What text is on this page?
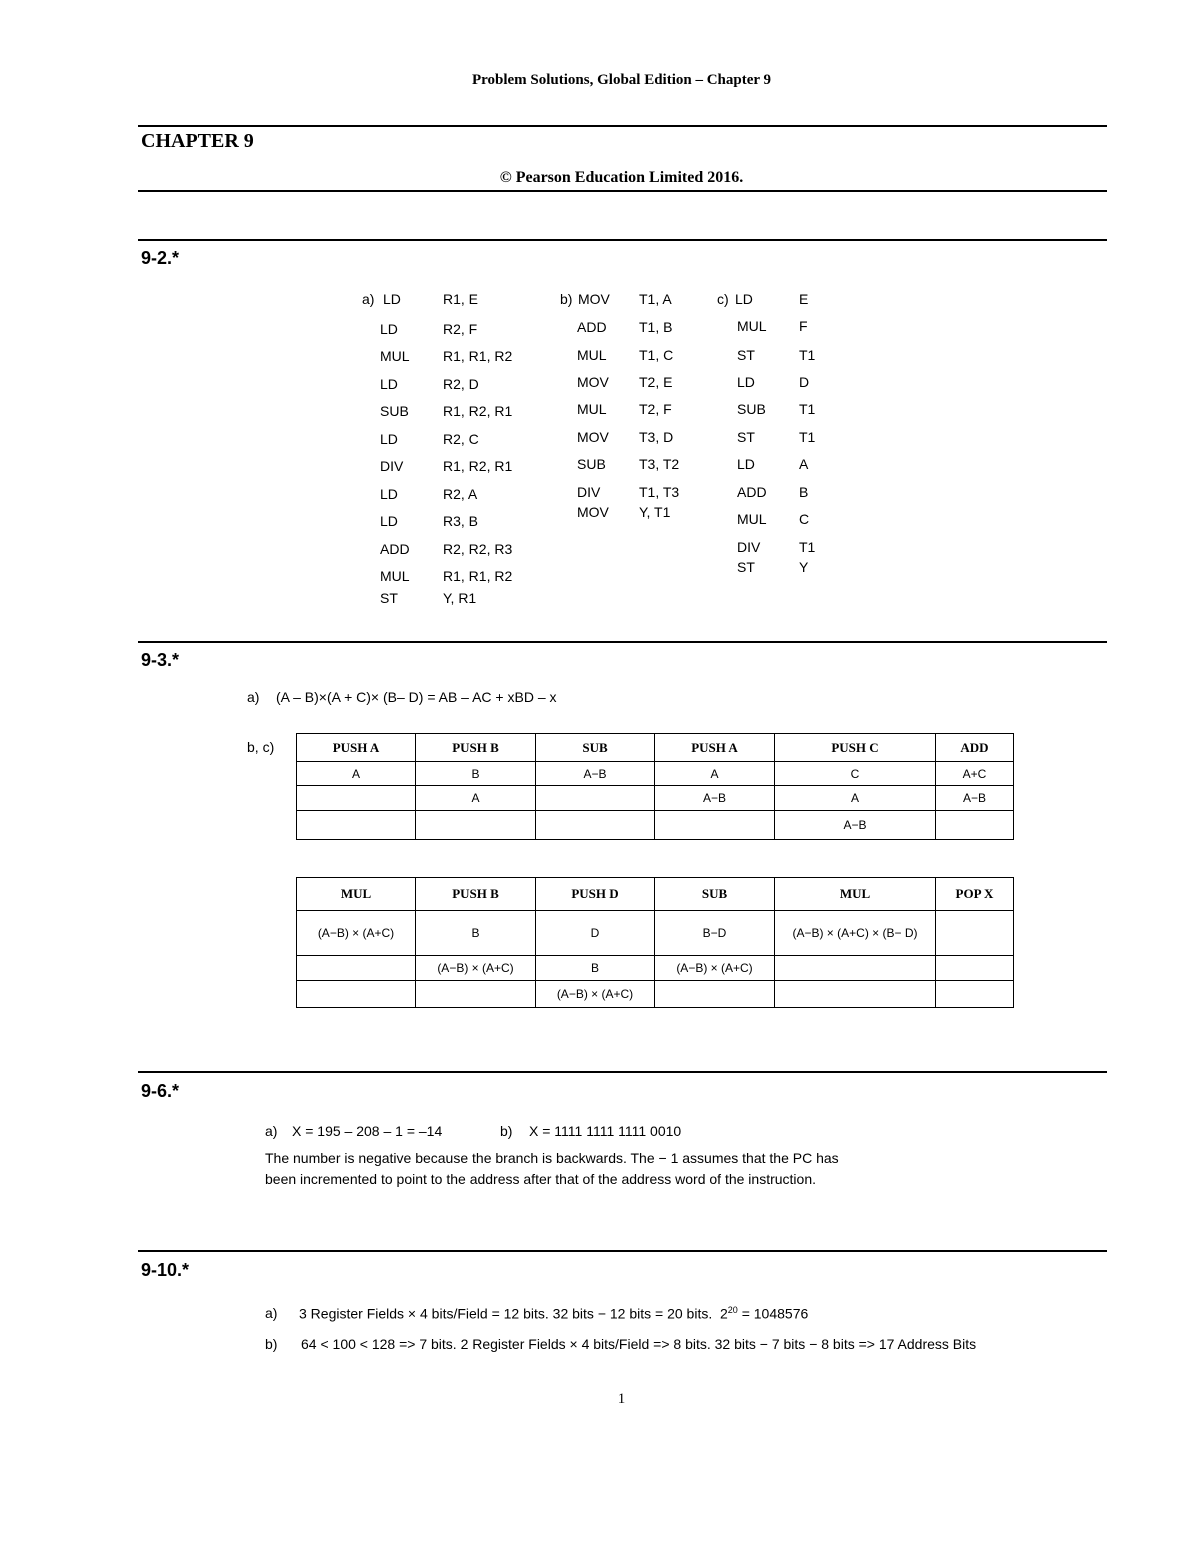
Problem Solutions, Global Edition – Chapter 9
CHAPTER 9
© Pearson Education Limited 2016.
9-2.*
a)	b)	c)
LD	R1, E
LD	R2, F
MUL R1, R1, R2
LD	R2, D
SUB R1, R2, R1
LD	R2, C
DIV	R1, R2, R1
LD	R2, A
LD	R3, B
ADD R2, R2, R3
MUL R1, R1, R2
ST	Y, R1
MOV T1, A
ADD T1, B
MUL T1, C
MOV T2, E
MUL T2, F
MOV T3, D
SUB T3, T2
DIV	T1, T3
MOV Y, T1
LD	E
MUL F
ST	T1
LD	D
SUB T1
ST	T1
LD	A
ADD B
MUL C
DIV	T1
ST	Y
9-3.*
a) (A – B)×(A + C)× (B– D) = AB – AC + xBD – x
b, c)	PUSH A	PUSH B	SUB	PUSH A	PUSH C	ADD
A	B	A−B	A	C	A+C
	A		A−B	A	A−B
				A−B	
MUL	PUSH B	PUSH D	SUB	MUL	POP X
(A−B) × (A+C)	B	D	B−D	(A−B) × (A+C) × (B− D)	
	(A−B) × (A+C)	B	(A−B) × (A+C)		
		(A−B) × (A+C)			
9-6.*
a) X = 195 – 208 – 1 = –14	b) X = 1111 1111 1111 0010
The number is negative because the branch is backwards. The − 1 assumes that the PC has
been incremented to point to the address after that of the address word of the instruction.
9-10.*
a) 3 Register Fields × 4 bits/Field = 12 bits. 32 bits − 12 bits = 20 bits. $2^{20} = 1048576$
b) 64 < 100 < 128 => 7 bits. 2 Register Fields × 4 bits/Field => 8 bits. 32 bits − 7 bits − 8 bits => 17 Address Bits
1
